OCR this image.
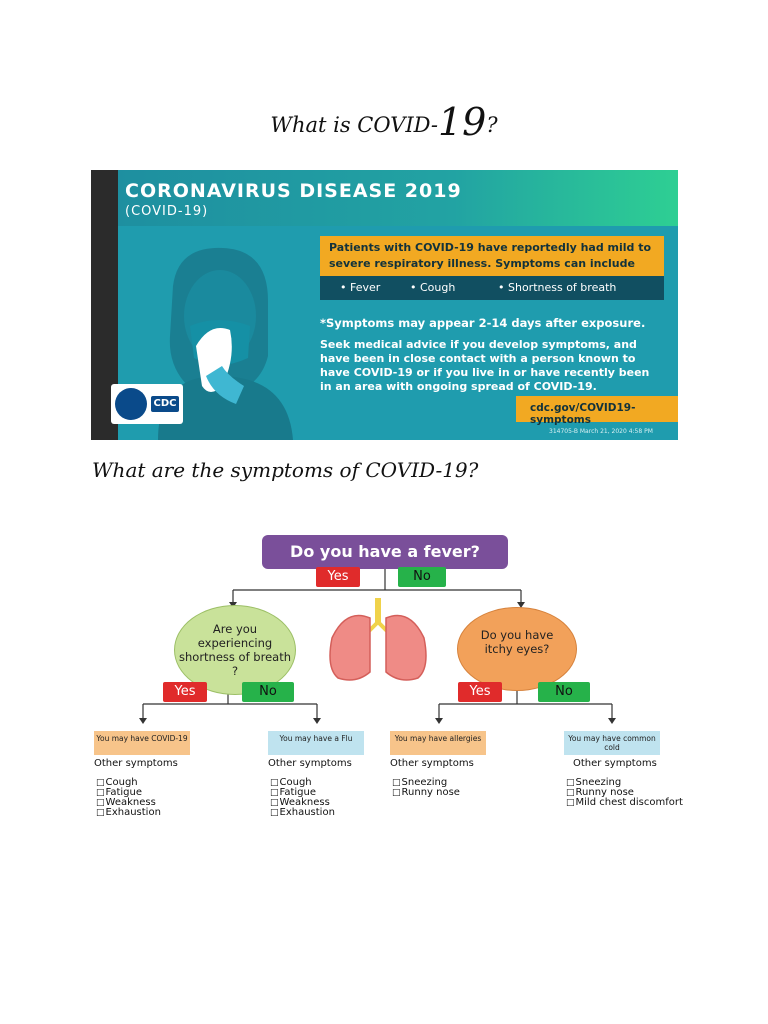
What is COVID-19?
CORONAVIRUS DISEASE 2019
(COVID-19)
CDC
Patients with COVID-19 have reportedly had mild to severe respiratory illness. Symptoms can include
• Fever	• Cough	• Shortness of breath
*Symptoms may appear 2-14 days after exposure.
Seek medical advice if you develop symptoms, and have been in close contact with a person known to have COVID-19 or if you live in or have recently been in an area with ongoing spread of COVID-19.
cdc.gov/COVID19-symptoms
314705-B March 21, 2020 4:58 PM
What are the symptoms of COVID-19?
Do you have a fever?
Yes	No
Are you experiencing shortness of breath ?
Do you have itchy eyes?
Yes	No	Yes	No
You may have COVID-19
Other symptoms
□ Cough
□ Fatigue
□ Weakness
□ Exhaustion
You may have a Flu
Other symptoms
□ Cough
□ Fatigue
□ Weakness
□ Exhaustion
You may have allergies
Other symptoms
□ Sneezing
□ Runny nose
You may have common cold
Other symptoms
□ Sneezing
□ Runny nose
□ Mild chest discomfort
